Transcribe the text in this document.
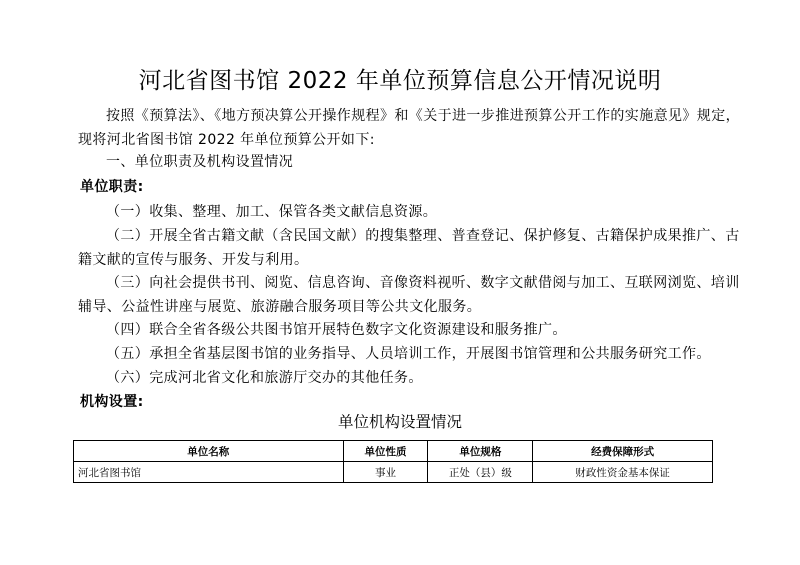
河北省图书馆 2022 年单位预算信息公开情况说明
按照《预算法》、《地方预决算公开操作规程》和《关于进一步推进预算公开工作的实施意见》规定，现将河北省图书馆 2022 年单位预算公开如下:
一、单位职责及机构设置情况
单位职责:
（一）收集、整理、加工、保管各类文献信息资源。
（二）开展全省古籍文献（含民国文献）的搜集整理、普查登记、保护修复、古籍保护成果推广、古籍文献的宣传与服务、开发与利用。
（三）向社会提供书刊、阅览、信息咨询、音像资料视听、数字文献借阅与加工、互联网浏览、培训辅导、公益性讲座与展览、旅游融合服务项目等公共文化服务。
（四）联合全省各级公共图书馆开展特色数字文化资源建设和服务推广。
（五）承担全省基层图书馆的业务指导、人员培训工作，开展图书馆管理和公共服务研究工作。
（六）完成河北省文化和旅游厅交办的其他任务。
机构设置:
单位机构设置情况
单位名称	单位性质	单位规格	经费保障形式
河北省图书馆	事业	正处（县）级	财政性资金基本保证
